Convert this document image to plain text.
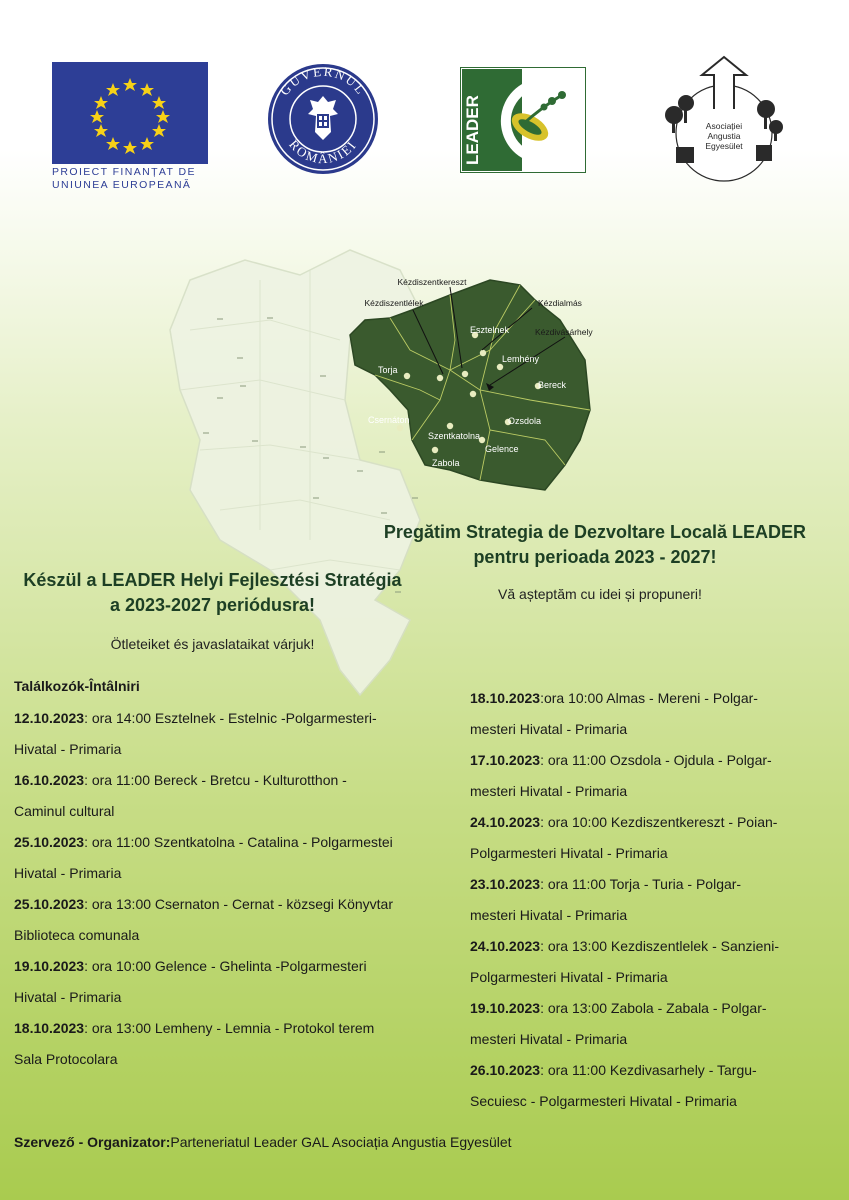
PROIECT FINANȚAT DE
UNIUNEA EUROPEANĂ
GUVERNUL
ROMÂNIEI	LEADER	Asociației
Angustia
Egyesület
Kézdiszentkereszt
Kézdiszentlélek	Kézdialmás
Kézdivásárhely
Esztelnek
Lemhény
Torja
Bereck
Csernáton	Ozsdola
Szentkatolna
Gelence
Zabola
Pregătim Strategia de Dezvoltare Locală LEADER
pentru perioada 2023 - 2027!
Vă așteptăm cu idei și propuneri!
Készül a LEADER Helyi Fejlesztési Stratégia
a 2023-2027 periódusra!
Ötleteiket és javaslataikat várjuk!
Találkozók-Întâlniri
12.10.2023: ora 14:00 Esztelnek - Estelnic -Polgarmesteri-
Hivatal - Primaria
16.10.2023: ora 11:00 Bereck - Bretcu - Kulturotthon -
Caminul cultural
25.10.2023: ora 11:00 Szentkatolna - Catalina - Polgarmestei
Hivatal - Primaria
25.10.2023: ora 13:00 Csernaton - Cernat - közsegi Könyvtar
Biblioteca comunala
19.10.2023: ora 10:00 Gelence - Ghelinta -Polgarmesteri
Hivatal - Primaria
18.10.2023: ora 13:00 Lemheny - Lemnia - Protokol terem
Sala Protocolara
18.10.2023:ora 10:00 Almas - Mereni - Polgar-
mesteri Hivatal - Primaria
17.10.2023: ora 11:00 Ozsdola - Ojdula - Polgar-
mesteri Hivatal - Primaria
24.10.2023: ora 10:00 Kezdiszentkereszt - Poian-
Polgarmesteri Hivatal - Primaria
23.10.2023: ora 11:00 Torja - Turia - Polgar-
mesteri Hivatal - Primaria
24.10.2023: ora 13:00 Kezdiszentlelek - Sanzieni-
Polgarmesteri Hivatal - Primaria
19.10.2023: ora 13:00 Zabola - Zabala - Polgar-
mesteri Hivatal - Primaria
26.10.2023: ora 11:00 Kezdivasarhely - Targu-
Secuiesc - Polgarmesteri Hivatal - Primaria
Szervező - Organizator:Parteneriatul Leader GAL Asociația Angustia Egyesület
